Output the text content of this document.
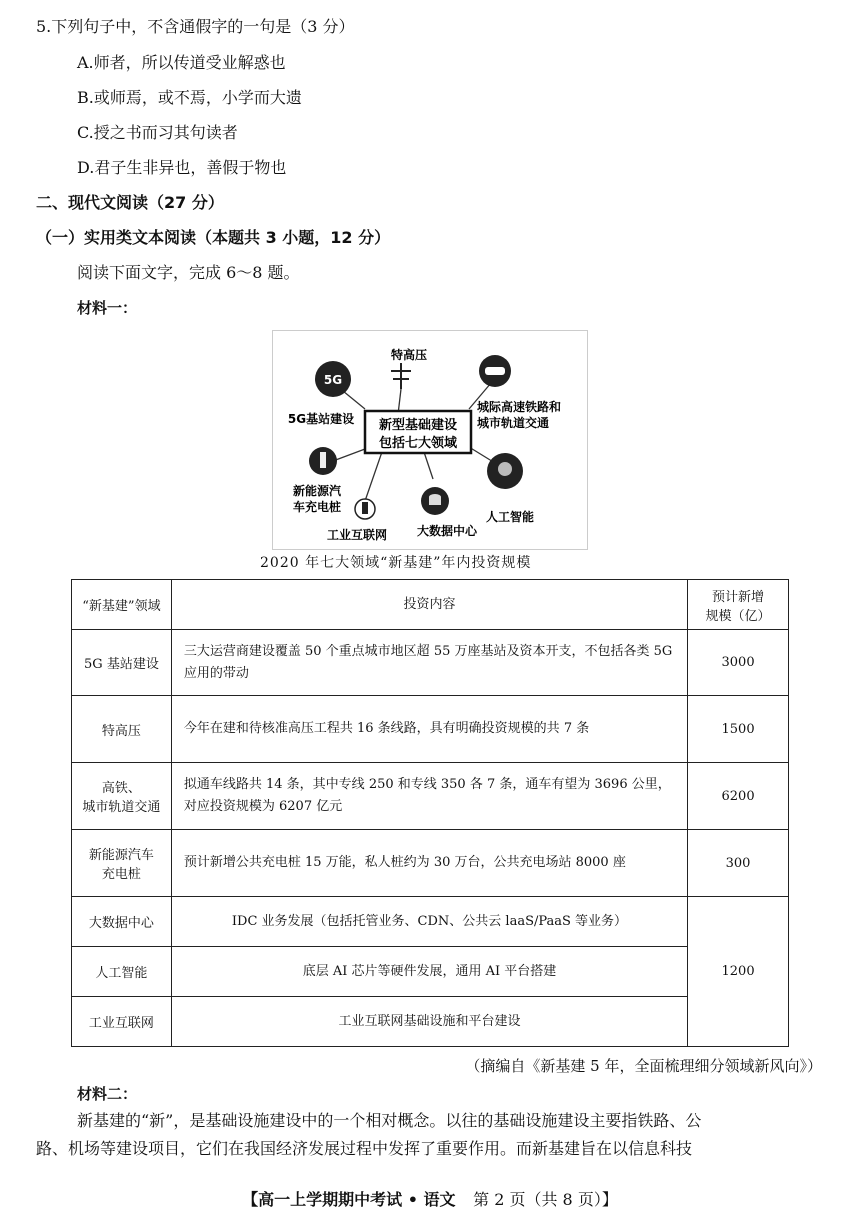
5.下列句子中，不含通假字的一句是（3 分）
A.师者，所以传道受业解惑也
B.或师焉，或不焉，小学而大遗
C.授之书而习其句读者
D.君子生非异也，善假于物也
二、现代文阅读（27 分）
（一）实用类文本阅读（本题共 3 小题，12 分）
阅读下面文字，完成 6～8 题。
材料一：
5G
新型基础建设
包括七大领域
特高压
5G基站建设
城际高速铁路和
城市轨道交通
新能源汽
车充电桩
工业互联网 大数据中心
人工智能
2020 年七大领域“新基建”年内投资规模
“新基建”领域	投资内容	预计新增
规模（亿）

5G 基站建设	三大运营商建设覆盖 50 个重点城市地区超 55 万座基站及资本开支，不包括各类 5G 应用的带动	3000
特高压	今年在建和待核准高压工程共 16 条线路，具有明确投资规模的共 7 条	1500

高铁、
城市轨道交通	拟通车线路共 14 条，其中专线 250 和专线 350 各 7 条，通车有望为 3696 公里，对应投资规模为 6207 亿元	6200

新能源汽车
充电桩	预计新增公共充电桩 15 万能，私人桩约为 30 万台，公共充电场站 8000 座	300
大数据中心	IDC 业务发展（包括托管业务、CDN、公共云 laaS/PaaS 等业务）	1200
人工智能	底层 AI 芯片等硬件发展，通用 AI 平台搭建	
工业互联网	工业互联网基础设施和平台建设	
（摘编自《新基建 5 年，全面梳理细分领域新风向》）
材料二：
新基建的“新”，是基础设施建设中的一个相对概念。以往的基础设施建设主要指铁路、公
路、机场等建设项目，它们在我国经济发展过程中发挥了重要作用。而新基建旨在以信息科技
【高一上学期期中考试 • 语文 第 2 页（共 8 页）】
